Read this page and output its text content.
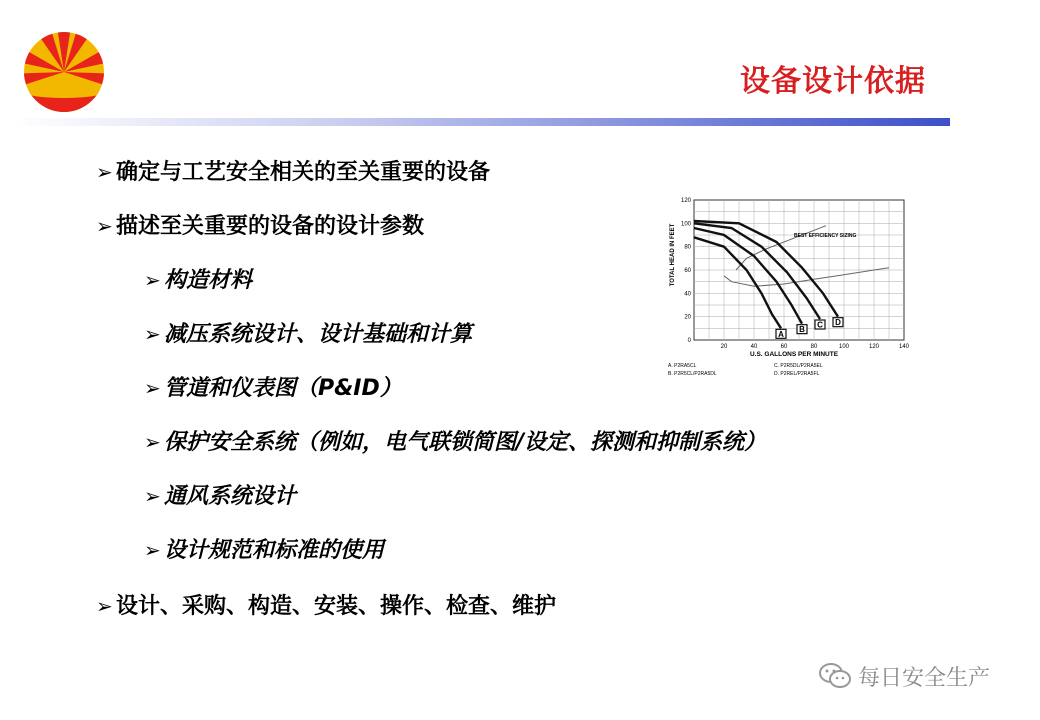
设备设计依据
➢ 确定与工艺安全相关的至关重要的设备
➢ 描述至关重要的设备的设计参数
➢ 构造材料
➢ 减压系统设计、设计基础和计算
➢ 管道和仪表图（P&ID）
➢ 保护安全系统（例如，电气联锁简图/设定、探测和抑制系统）
➢ 通风系统设计
➢ 设计规范和标准的使用
➢ 设计、采购、构造、安装、操作、检查、维护
0
20
40
60
80
100
120
20	40	60	80	100	120	140
A
B
C D
TOTAL HEAD IN FEET
U.S. GALLONS PER MINUTE
BEST EFFICIENCY SIZING
A. P2RA5CL	C. P2R5DL/P2RA5EL
B. P2R5CL/P2RA5DL	D. P2REL/P2RA5FL
每日安全生产
